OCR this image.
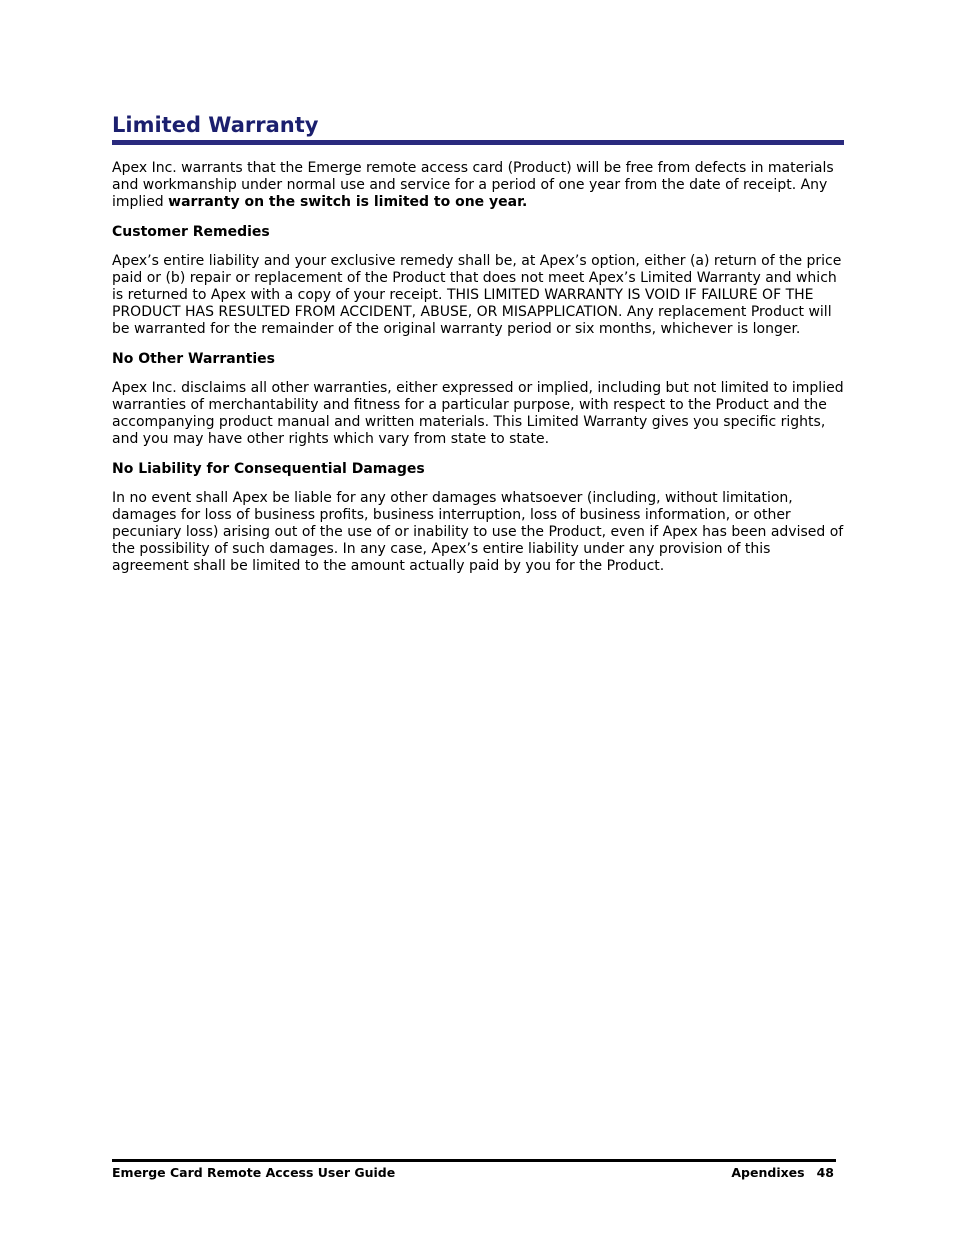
Limited Warranty

Apex Inc. warrants that the Emerge remote access card (Product) will be free from defects in materials and workmanship under normal use and service for a period of one year from the date of receipt. Any implied warranty on the switch is limited to one year.

Customer Remedies

Apex’s entire liability and your exclusive remedy shall be, at Apex’s option, either (a) return of the price paid or (b) repair or replacement of the Product that does not meet Apex’s Limited Warranty and which is returned to Apex with a copy of your receipt. THIS LIMITED WARRANTY IS VOID IF FAILURE OF THE PRODUCT HAS RESULTED FROM ACCIDENT, ABUSE, OR MISAPPLICATION. Any replacement Product will be warranted for the remainder of the original warranty period or six months, whichever is longer.

No Other Warranties

Apex Inc. disclaims all other warranties, either expressed or implied, including but not limited to implied warranties of merchantability and fitness for a particular purpose, with respect to the Product and the accompanying product manual and written materials. This Limited Warranty gives you specific rights, and you may have other rights which vary from state to state.

No Liability for Consequential Damages

In no event shall Apex be liable for any other damages whatsoever (including, without limitation, damages for loss of business profits, business interruption, loss of business information, or other pecuniary loss) arising out of the use of or inability to use the Product, even if Apex has been advised of the possibility of such damages. In any case, Apex’s entire liability under any provision of this agreement shall be limited to the amount actually paid by you for the Product.

Emerge Card Remote Access User Guide	Apendixes 48
